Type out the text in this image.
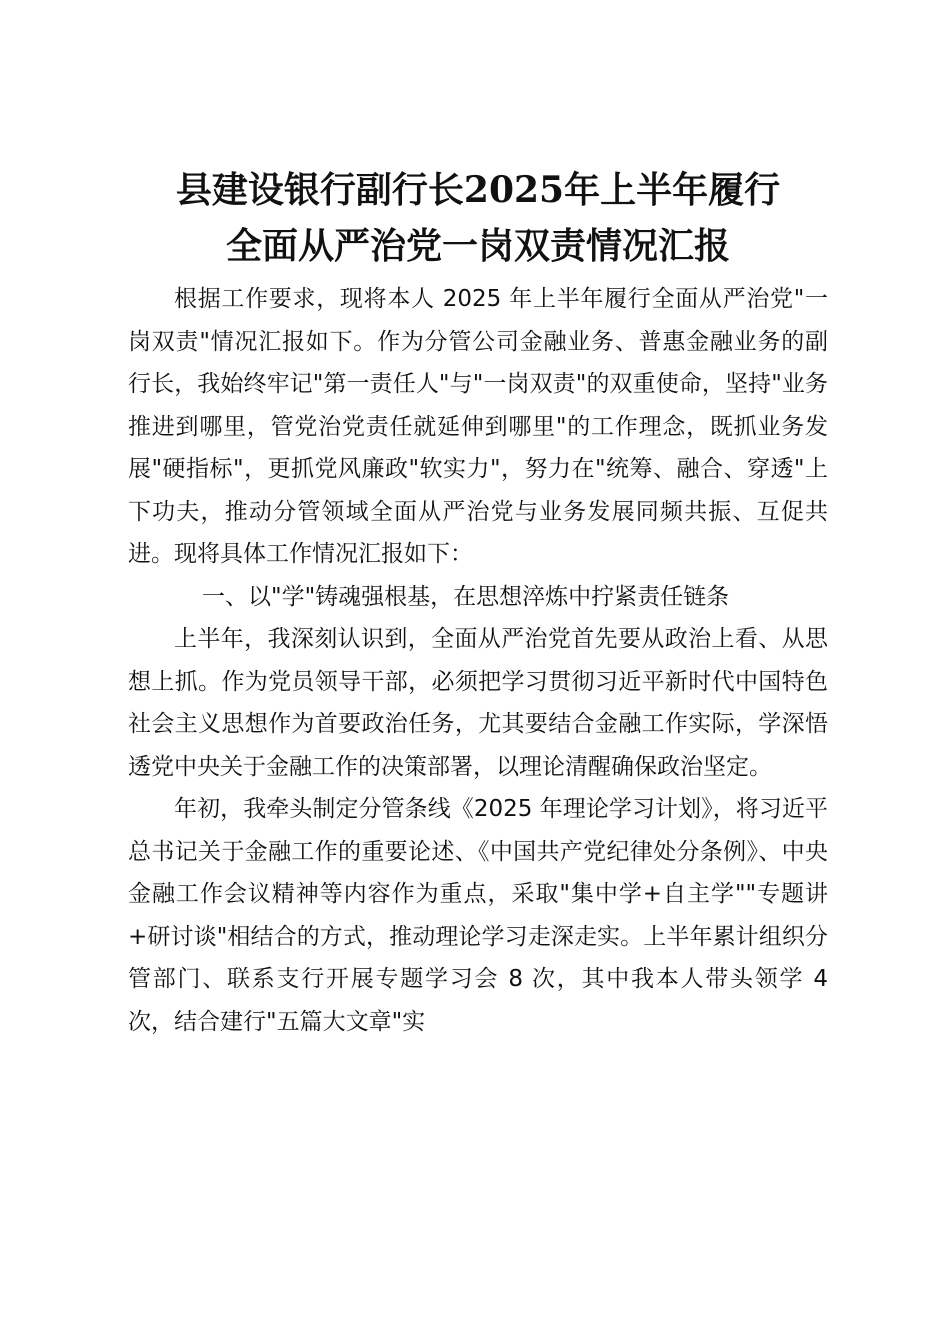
县建设银行副行长2025年上半年履行
全面从严治党一岗双责情况汇报

根据工作要求，现将本人 2025 年上半年履行全面从严治党"一岗双责"情况汇报如下。作为分管公司金融业务、普惠金融业务的副行长，我始终牢记"第一责任人"与"一岗双责"的双重使命，坚持"业务推进到哪里，管党治党责任就延伸到哪里"的工作理念，既抓业务发展"硬指标"，更抓党风廉政"软实力"，努力在"统筹、融合、穿透"上下功夫，推动分管领域全面从严治党与业务发展同频共振、互促共进。现将具体工作情况汇报如下：

一、以"学"铸魂强根基，在思想淬炼中拧紧责任链条

上半年，我深刻认识到，全面从严治党首先要从政治上看、从思想上抓。作为党员领导干部，必须把学习贯彻习近平新时代中国特色社会主义思想作为首要政治任务，尤其要结合金融工作实际，学深悟透党中央关于金融工作的决策部署，以理论清醒确保政治坚定。

年初，我牵头制定分管条线《2025 年理论学习计划》，将习近平总书记关于金融工作的重要论述、《中国共产党纪律处分条例》、中央金融工作会议精神等内容作为重点，采取"集中学+自主学""专题讲+研讨谈"相结合的方式，推动理论学习走深走实。上半年累计组织分管部门、联系支行开展专题学习会 8 次，其中我本人带头领学 4 次，结合建行"五篇大文章"实
